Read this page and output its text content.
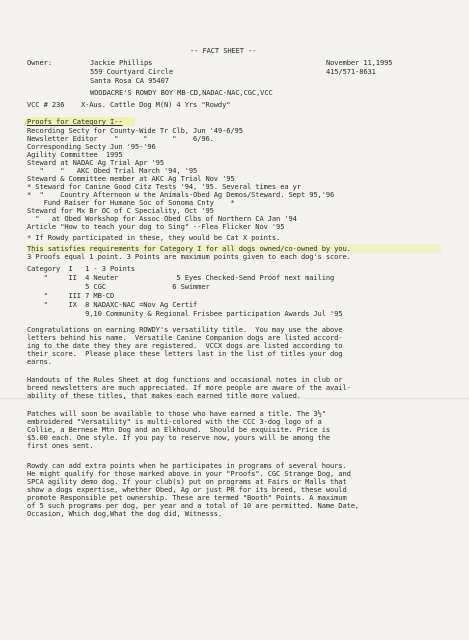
-- FACT SHEET --
Owner:	Jackie Phillips
559 Courtyard Circle
Santa Rosa CA 95407
November 11,1995
415/571-8631
WOODACRE'S ROWDY BOY MB-CD,NADAC-NAC,CGC,VCC
VCC # 236    X-Aus. Cattle Dog M(N) 4 Yrs "Rowdy"
Proofs for Category I--
Recording Secty for County-Wide Tr Clb, Jun '49-6/95
Newsletter Editor    "      "      "    6/96.
Corresponding Secty Jun '95-'96
Agility Committee  1995
Steward at NADAC Ag Trial Apr '95
"    "   AKC Obed Trial March '94, '95
Steward & Committee member at AKC Ag Trial Nov '95
* Steward for Canine Good Citz Tests '94, '95. Several times ea yr
*  "    Country Afternoon w the Animals-Obed Ag Demos/Steward. Sept 95,'96
Fund Raiser for Humane Soc of Sonoma Cnty    *
Steward for Mx Br OC of C Speciality, Oct '95
"   at Obed Workshop for Assoc Obed Clbs of Northern CA Jan '94
Article "How to teach your dog to Sing" --Flea Flicker Nov '95
* If Rowdy participated in these, they would be Cat X points.
This satisfies requirements for Category I for all dogs owned/co-owned by you.
3 Proofs equal 1 point. 3 Points are maximum points given to each dog's score.
Category  I   1 - 3 Points
"     II  4 Neuter              5 Eyes Checked-Send Proof next mailing
5 CGC                6 Swimmer
"     III 7 MB-CD
"     IX  8 NADAXC-NAC =Nov Ag Certif
9,10 Community & Regional Frisbee participation Awards Jul '95
Congratulations on earning ROWDY's versatility title.  You may use the above
letters behind his name.  Versatile Canine Companion dogs are listed accord-
ing to the date they they are registered.  VCCX dogs are listed according to
their score.  Please place these letters last in the list of titles your dog
earns.
Handouts of the Rules Sheet at dog functions and occasional notes in club or
breed newsletters are much appreciated. If more people are aware of the avail-
ability of these titles, that makes each earned title more valued.
Patches will soon be available to those who have earned a title. The 3½"
embroidered "Versatility" is multi-colored with the CCC 3-dog logo of a
Collie, a Bernese Mtn Dog and an Elkhound.  Should be exquisite. Price is
$5.00 each. One style. If you pay to reserve now, yours will be among the
first ones sent.
Rowdy can add extra points when he participates in programs of several hours.
He might qualify for those marked above in your "Proofs". CGC Strange Dog, and
SPCA agility demo dog. If your club(s) put on programs at Fairs or Malls that
show a dogs expertise, whether Obed, Ag or just PR for its breed, these would
promote Responsible pet ownership. These are termed "Booth" Points. A maximum
of 5 such programs per dog, per year and a total of 10 are permitted. Name Date,
Occasion, Which dog,What the dog did, Witnesss.
